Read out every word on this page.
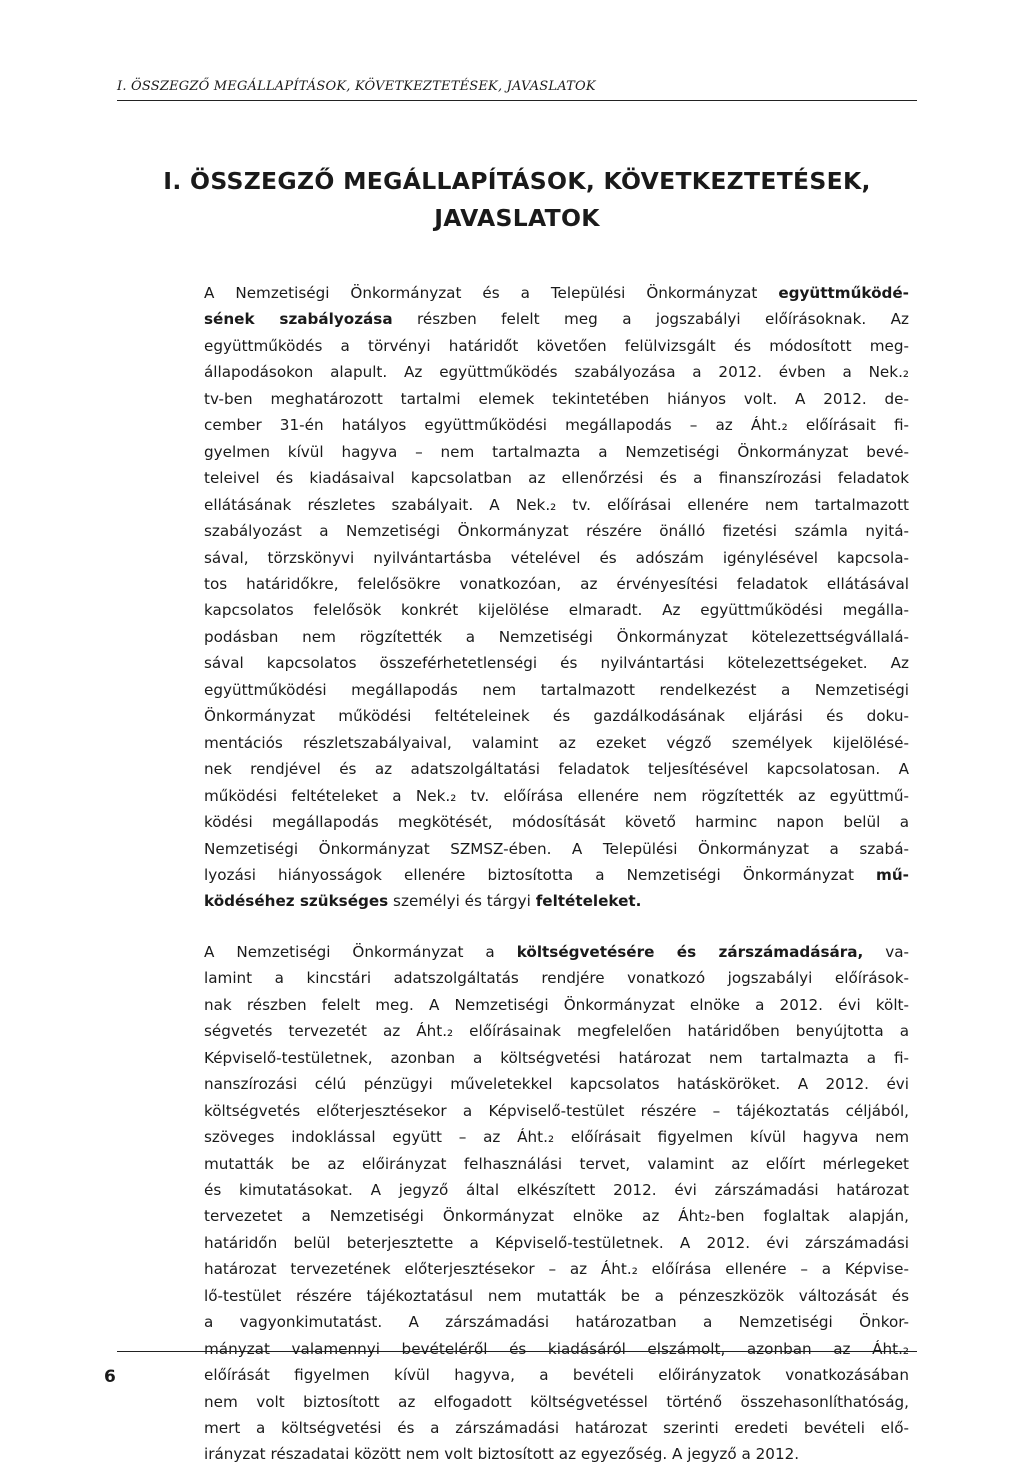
I. ÖSSZEGZŐ MEGÁLLAPÍTÁSOK, KÖVETKEZTETÉSEK, JAVASLATOK
I. ÖSSZEGZŐ MEGÁLLAPÍTÁSOK, KÖVETKEZTETÉSEK,
JAVASLATOK

A Nemzetiségi Önkormányzat és a Települési Önkormányzat együttműködé-
sének szabályozása részben felelt meg a jogszabályi előírásoknak. Az
együttműködés a törvényi határidőt követően felülvizsgált és módosított meg-
állapodásokon alapult. Az együttműködés szabályozása a 2012. évben a Nek.₂
tv-ben meghatározott tartalmi elemek tekintetében hiányos volt. A 2012. de-
cember 31-én hatályos együttműködési megállapodás – az Áht.₂ előírásait fi-
gyelmen kívül hagyva – nem tartalmazta a Nemzetiségi Önkormányzat bevé-
teleivel és kiadásaival kapcsolatban az ellenőrzési és a finanszírozási feladatok
ellátásának részletes szabályait. A Nek.₂ tv. előírásai ellenére nem tartalmazott
szabályozást a Nemzetiségi Önkormányzat részére önálló fizetési számla nyitá-
sával, törzskönyvi nyilvántartásba vételével és adószám igénylésével kapcsola-
tos határidőkre, felelősökre vonatkozóan, az érvényesítési feladatok ellátásával
kapcsolatos felelősök konkrét kijelölése elmaradt. Az együttműködési megálla-
podásban nem rögzítették a Nemzetiségi Önkormányzat kötelezettségvállalá-
sával kapcsolatos összeférhetetlenségi és nyilvántartási kötelezettségeket. Az
együttműködési megállapodás nem tartalmazott rendelkezést a Nemzetiségi
Önkormányzat működési feltételeinek és gazdálkodásának eljárási és doku-
mentációs részletszabályaival, valamint az ezeket végző személyek kijelölésé-
nek rendjével és az adatszolgáltatási feladatok teljesítésével kapcsolatosan. A
működési feltételeket a Nek.₂ tv. előírása ellenére nem rögzítették az együttmű-
ködési megállapodás megkötését, módosítását követő harminc napon belül a
Nemzetiségi Önkormányzat SZMSZ-ében. A Települési Önkormányzat a szabá-
lyozási hiányosságok ellenére biztosította a Nemzetiségi Önkormányzat mű-
ködéséhez szükséges személyi és tárgyi feltételeket.

A Nemzetiségi Önkormányzat a költségvetésére és zárszámadására, va-
lamint a kincstári adatszolgáltatás rendjére vonatkozó jogszabályi előírások-
nak részben felelt meg. A Nemzetiségi Önkormányzat elnöke a 2012. évi költ-
ségvetés tervezetét az Áht.₂ előírásainak megfelelően határidőben benyújtotta a
Képviselő-testületnek, azonban a költségvetési határozat nem tartalmazta a fi-
nanszírozási célú pénzügyi műveletekkel kapcsolatos hatásköröket. A 2012. évi
költségvetés előterjesztésekor a Képviselő-testület részére – tájékoztatás céljából,
szöveges indoklással együtt – az Áht.₂ előírásait figyelmen kívül hagyva nem
mutatták be az előirányzat felhasználási tervet, valamint az előírt mérlegeket
és kimutatásokat. A jegyző által elkészített 2012. évi zárszámadási határozat
tervezetet a Nemzetiségi Önkormányzat elnöke az Áht₂-ben foglaltak alapján,
határidőn belül beterjesztette a Képviselő-testületnek. A 2012. évi zárszámadási
határozat tervezetének előterjesztésekor – az Áht.₂ előírása ellenére – a Képvise-
lő-testület részére tájékoztatásul nem mutatták be a pénzeszközök változását és
a vagyonkimutatást. A zárszámadási határozatban a Nemzetiségi Önkor-
mányzat valamennyi bevételéről és kiadásáról elszámolt, azonban az Áht.₂
előírását figyelmen kívül hagyva, a bevételi előirányzatok vonatkozásában
nem volt biztosított az elfogadott költségvetéssel történő összehasonlíthatóság,
mert a költségvetési és a zárszámadási határozat szerinti eredeti bevételi elő-
irányzat részadatai között nem volt biztosított az egyezőség. A jegyző a 2012.

6
